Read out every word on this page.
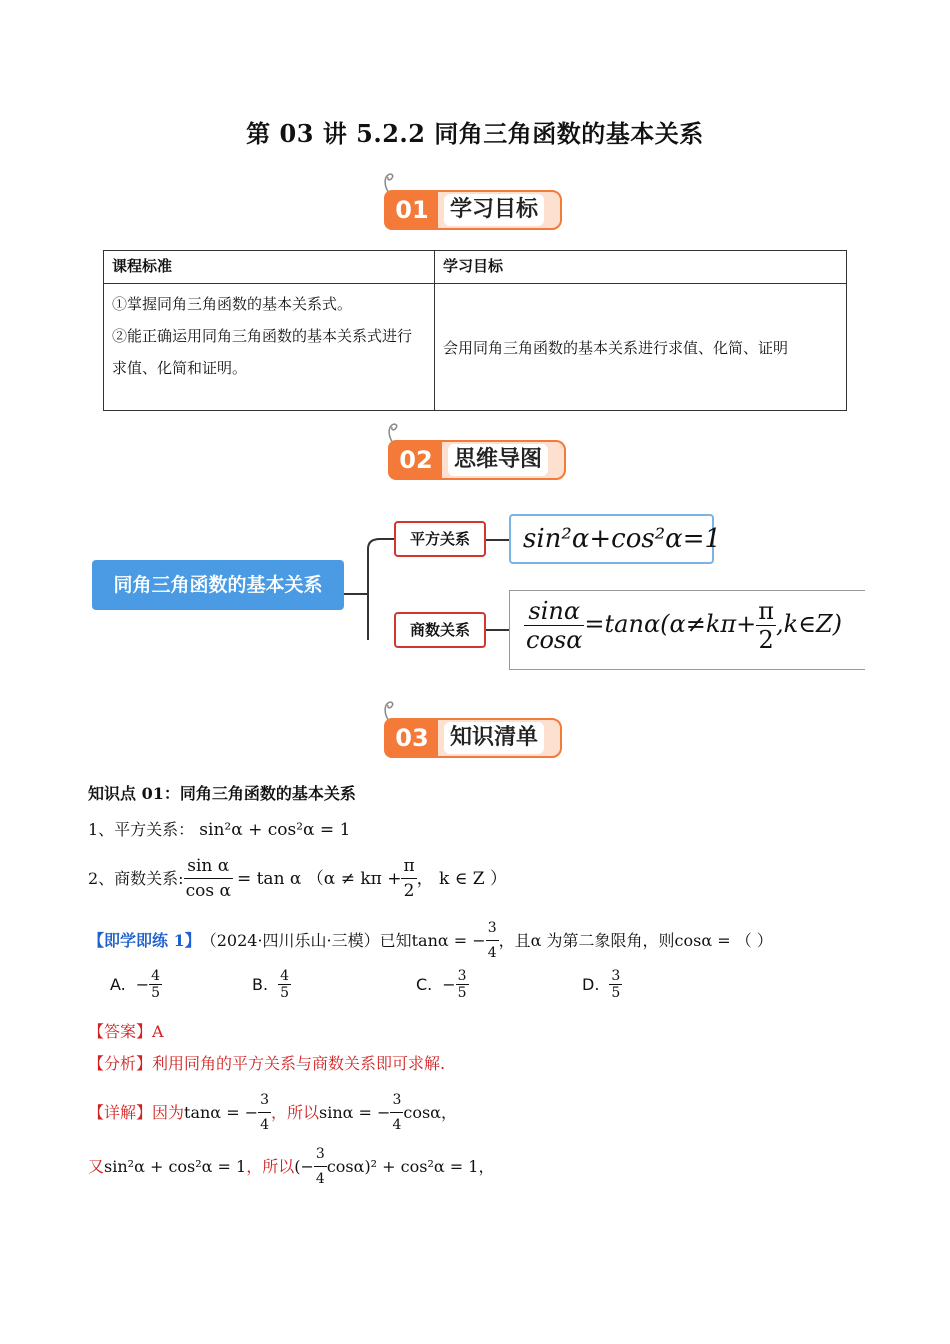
第 03 讲 5.2.2 同角三角函数的基本关系
01 学习目标
课程标准	学习目标

①掌握同角三角函数的基本关系式。
②能正确运用同角三角函数的基本关系式进行求值、化简和证明。	会用同角三角函数的基本关系进行求值、化简、证明
02 思维导图
同角三角函数的基本关系
平方关系
商数关系
sin²α+cos²α=1
$\frac{\sin\alpha}{\cos\alpha} =\tan\alpha(\alpha\ne k\pi+ \frac{\pi}{2}$ ,k∈Z)
03 知识清单
知识点 01：同角三角函数的基本关系
1、平方关系： sin²α + cos²α = 1
2、商数关系: $\frac{\text{sin α}}{\text{cos α}} = \tan \alpha$ （$\alpha \ne k\pi + \frac{\pi}{2}$ ， k ∈ Z ）
【即学即练 1】 （2024·四川乐山·三模）已知 tanα = − $\frac{3}{4}$ ，且α 为第二象限角，则 cosα = （ ）
A. − $\frac{4}{5}$	B. $\frac{4}{5}$	C. − $\frac{3}{5}$	D. $\frac{3}{5}$
【答案】A
【分析】利用同角的平方关系与商数关系即可求解.
【详解】 因为 tanα = − $\frac{3}{4}$ ，所以 sinα = − $\frac{3}{4}$ cosα，
又 sin²α + cos²α = 1 ，所以 (− $\frac{3}{4} \cos\alpha)^2 + \cos^2\alpha = 1$ ，
